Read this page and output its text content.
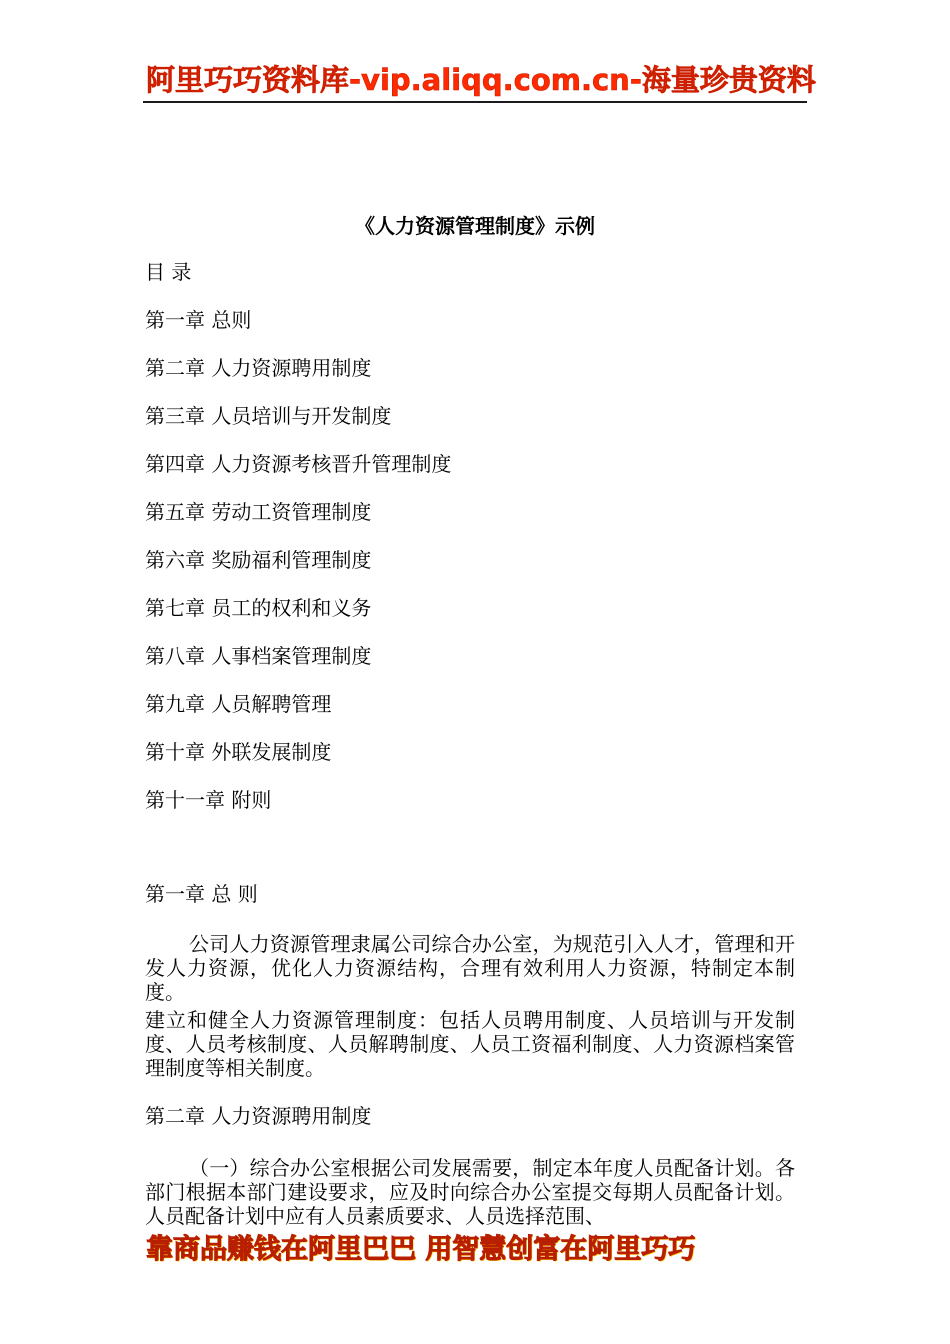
阿里巧巧资料库-vip.aliqq.com.cn-海量珍贵资料
《人力资源管理制度》示例
目 录
第一章 总则
第二章 人力资源聘用制度
第三章 人员培训与开发制度
第四章 人力资源考核晋升管理制度
第五章 劳动工资管理制度
第六章 奖励福利管理制度
第七章 员工的权利和义务
第八章 人事档案管理制度
第九章 人员解聘管理
第十章 外联发展制度
第十一章 附则
第一章 总 则
公司人力资源管理隶属公司综合办公室，为规范引入人才，管理和开发人力资源，优化人力资源结构，合理有效利用人力资源，特制定本制度。
建立和健全人力资源管理制度：包括人员聘用制度、人员培训与开发制度、人员考核制度、人员解聘制度、人员工资福利制度、人力资源档案管理制度等相关制度。
第二章 人力资源聘用制度
（一）综合办公室根据公司发展需要，制定本年度人员配备计划。各部门根据本部门建设要求，应及时向综合办公室提交每期人员配备计划。人员配备计划中应有人员素质要求、人员选择范围、
靠商品赚钱在阿里巴巴 用智慧创富在阿里巧巧
